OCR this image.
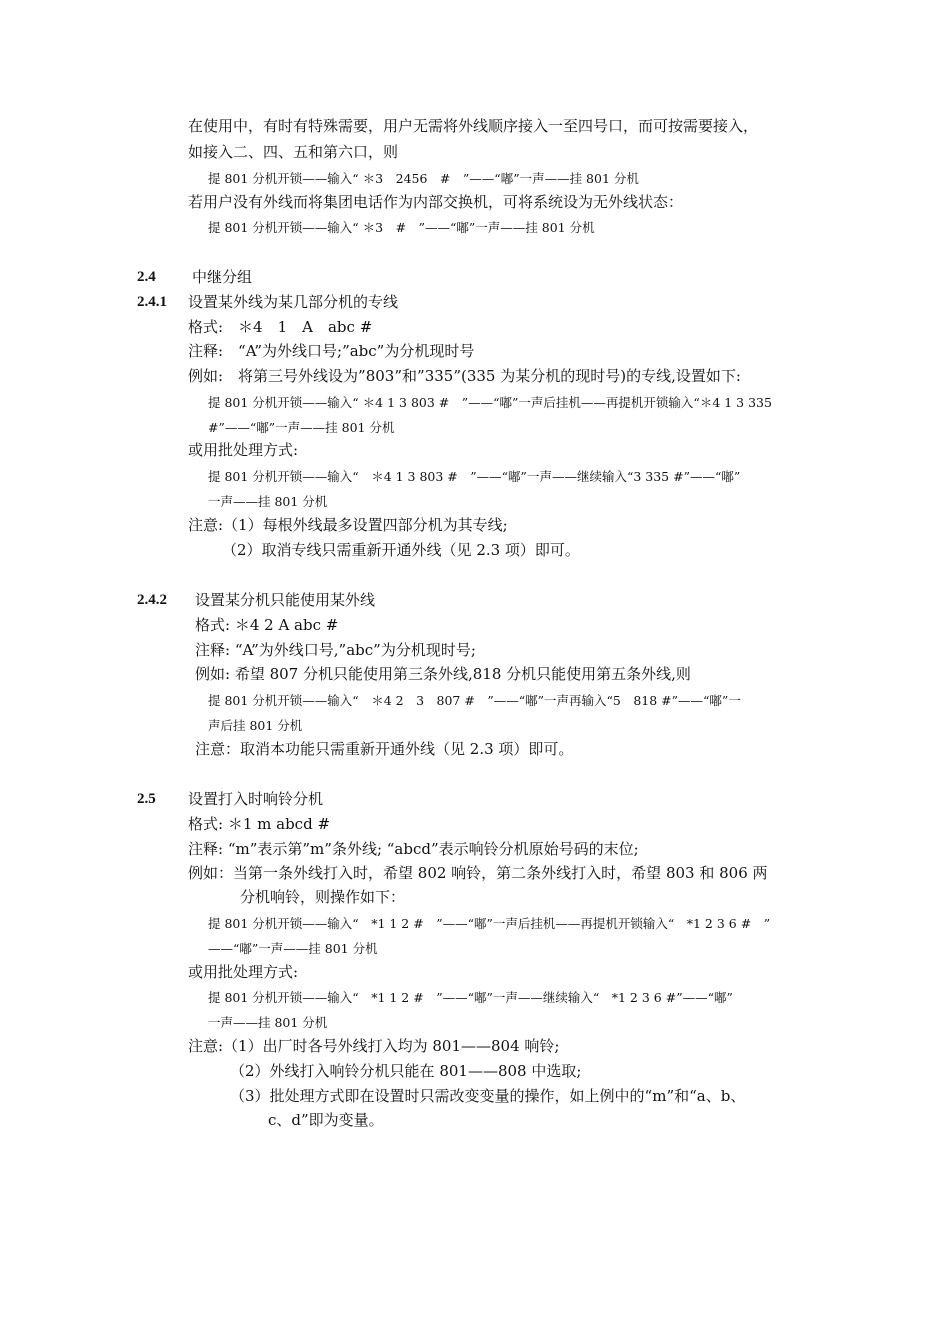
在使用中，有时有特殊需要，用户无需将外线顺序接入一至四号口，而可按需要接入，
如接入二、四、五和第六口，则
提 801 分机开锁——输入“ ＊3　2456　#　”——“嘟”一声——挂 801 分机
若用户没有外线而将集团电话作为内部交换机，可将系统设为无外线状态：
提 801 分机开锁——输入“ ＊3　#　”——“嘟”一声——挂 801 分机
2.4 中继分组
2.4.1 设置某外线为某几部分机的专线
格式:　＊4　1　A　abc #
注释:　“A”为外线口号;”abc”为分机现时号
例如:　将第三号外线设为”803”和”335”(335 为某分机的现时号)的专线,设置如下:
提 801 分机开锁——输入“ ＊4 1 3 803 #　”——“嘟”一声后挂机——再提机开锁输入“＊4 1 3 335
#”——“嘟”一声——挂 801 分机
或用批处理方式:
提 801 分机开锁——输入“　＊4 1 3 803 #　”——“嘟”一声——继续输入“3 335 #”——“嘟”
一声——挂 801 分机
注意:（1）每根外线最多设置四部分机为其专线;
（2）取消专线只需重新开通外线（见 2.3 项）即可。
2.4.2 设置某分机只能使用某外线
格式: ＊4 2 A abc #
注释: “A”为外线口号,”abc”为分机现时号;
例如: 希望 807 分机只能使用第三条外线,818 分机只能使用第五条外线,则
提 801 分机开锁——输入“　＊4 2　3　807 #　”——“嘟”一声再输入“5　818 #”——“嘟”一
声后挂 801 分机
注意：取消本功能只需重新开通外线（见 2.3 项）即可。
2.5 设置打入时响铃分机
格式: ＊1 m abcd #
注释: “m”表示第”m”条外线; “abcd”表示响铃分机原始号码的末位;
例如：当第一条外线打入时，希望 802 响铃，第二条外线打入时，希望 803 和 806 两
分机响铃，则操作如下：
提 801 分机开锁——输入“　*1 1 2 #　”——“嘟”一声后挂机——再提机开锁输入“　*1 2 3 6 #　”
——“嘟”一声——挂 801 分机
或用批处理方式:
提 801 分机开锁——输入“　*1 1 2 #　”——“嘟”一声——继续输入“　*1 2 3 6 #”——“嘟”
一声——挂 801 分机
注意:（1）出厂时各号外线打入均为 801——804 响铃;
（2）外线打入响铃分机只能在 801——808 中选取;
（3）批处理方式即在设置时只需改变变量的操作，如上例中的“m”和“a、b、
c、d”即为变量。
